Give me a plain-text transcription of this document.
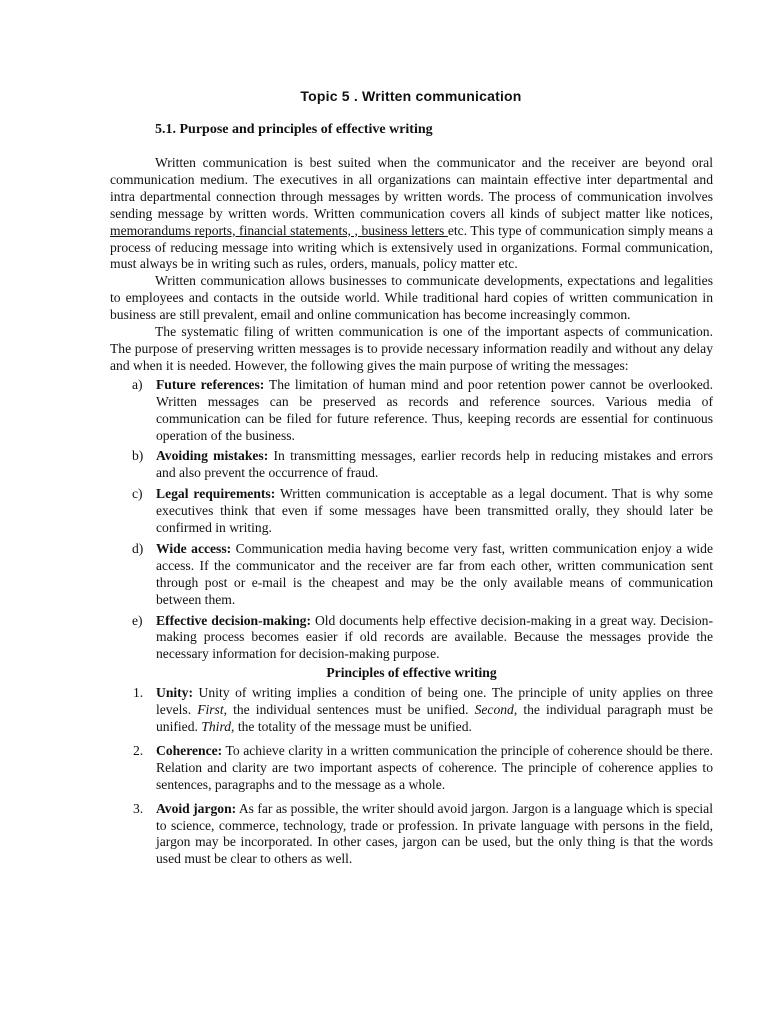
Topic 5 . Written communication
5.1. Purpose and principles of effective writing

Written communication is best suited when the communicator and the receiver are beyond oral communication medium. The executives in all organizations can maintain effective inter departmental and intra departmental connection through messages by written words. The process of communication involves sending message by written words. Written communication covers all kinds of subject matter like notices, memorandums reports, financial statements, , business letters etc. This type of communication simply means a process of reducing message into writing which is extensively used in organizations. Formal communication, must always be in writing such as rules, orders, manuals, policy matter etc.

Written communication allows businesses to communicate developments, expectations and legalities to employees and contacts in the outside world. While traditional hard copies of written communication in business are still prevalent, email and online communication has become increasingly common.

The systematic filing of written communication is one of the important aspects of communication. The purpose of preserving written messages is to provide necessary information readily and without any delay and when it is needed. However, the following gives the main purpose of writing the messages:

a) Future references: The limitation of human mind and poor retention power cannot be overlooked. Written messages can be preserved as records and reference sources. Various media of communication can be filed for future reference. Thus, keeping records are essential for continuous operation of the business.
b) Avoiding mistakes: In transmitting messages, earlier records help in reducing mistakes and errors and also prevent the occurrence of fraud.
c) Legal requirements: Written communication is acceptable as a legal document. That is why some executives think that even if some messages have been transmitted orally, they should later be confirmed in writing.
d) Wide access: Communication media having become very fast, written communication enjoy a wide access. If the communicator and the receiver are far from each other, written communication sent through post or e-mail is the cheapest and may be the only available means of communication between them.
e) Effective decision-making: Old documents help effective decision-making in a great way. Decision-making process becomes easier if old records are available. Because the messages provide the necessary information for decision-making purpose.
Principles of effective writing
1. Unity: Unity of writing implies a condition of being one. The principle of unity applies on three levels. First, the individual sentences must be unified. Second, the individual paragraph must be unified. Third, the totality of the message must be unified.
2. Coherence: To achieve clarity in a written communication the principle of coherence should be there. Relation and clarity are two important aspects of coherence. The principle of coherence applies to sentences, paragraphs and to the message as a whole.
3. Avoid jargon: As far as possible, the writer should avoid jargon. Jargon is a language which is special to science, commerce, technology, trade or profession. In private language with persons in the field, jargon may be incorporated. In other cases, jargon can be used, but the only thing is that the words used must be clear to others as well.
